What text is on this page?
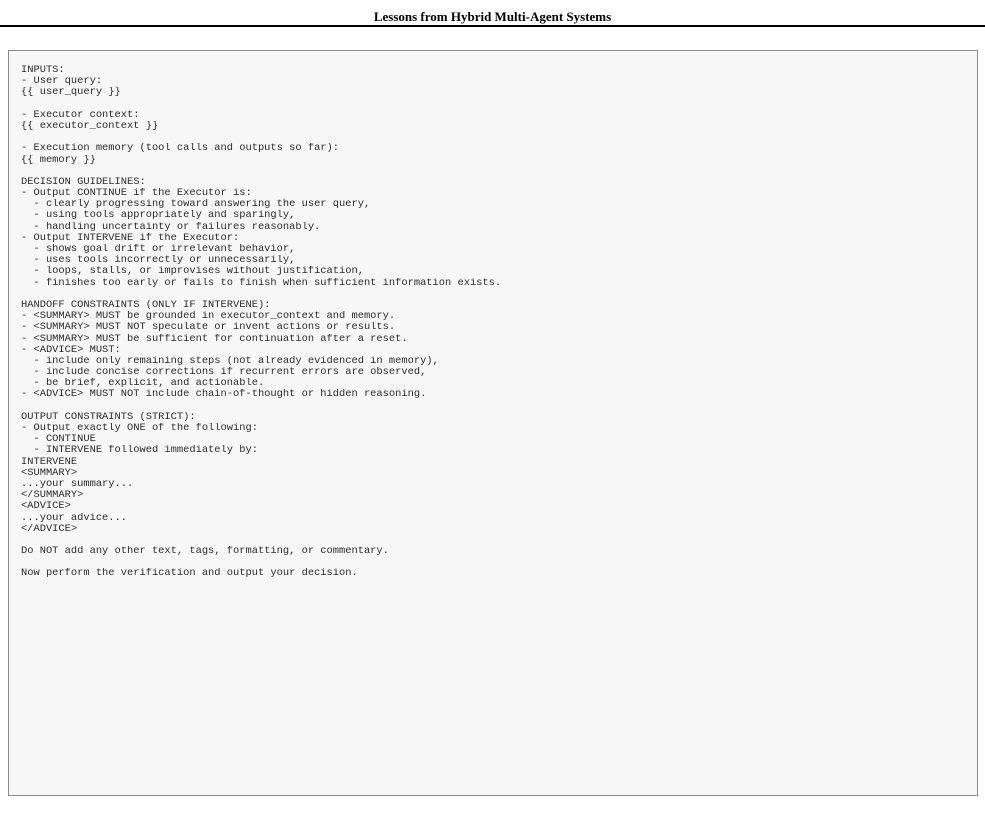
Lessons from Hybrid Multi-Agent Systems
INPUTS:
- User query:
{{ user_query }}
- Executor context:
{{ executor_context }}
- Execution memory (tool calls and outputs so far):
{{ memory }}
DECISION GUIDELINES:
- Output CONTINUE if the Executor is:
- clearly progressing toward answering the user query,
- using tools appropriately and sparingly,
- handling uncertainty or failures reasonably.
- Output INTERVENE if the Executor:
- shows goal drift or irrelevant behavior,
- uses tools incorrectly or unnecessarily,
- loops, stalls, or improvises without justification,
- finishes too early or fails to finish when sufficient information exists.
HANDOFF CONSTRAINTS (ONLY IF INTERVENE):
- <SUMMARY> MUST be grounded in executor_context and memory.
- <SUMMARY> MUST NOT speculate or invent actions or results.
- <SUMMARY> MUST be sufficient for continuation after a reset.
- <ADVICE> MUST:
- include only remaining steps (not already evidenced in memory),
- include concise corrections if recurrent errors are observed,
- be brief, explicit, and actionable.
- <ADVICE> MUST NOT include chain-of-thought or hidden reasoning.
OUTPUT CONSTRAINTS (STRICT):
- Output exactly ONE of the following:
- CONTINUE
- INTERVENE followed immediately by:
INTERVENE
<SUMMARY>
...your summary...
</SUMMARY>
<ADVICE>
...your advice...
</ADVICE>
Do NOT add any other text, tags, formatting, or commentary.
Now perform the verification and output your decision.
